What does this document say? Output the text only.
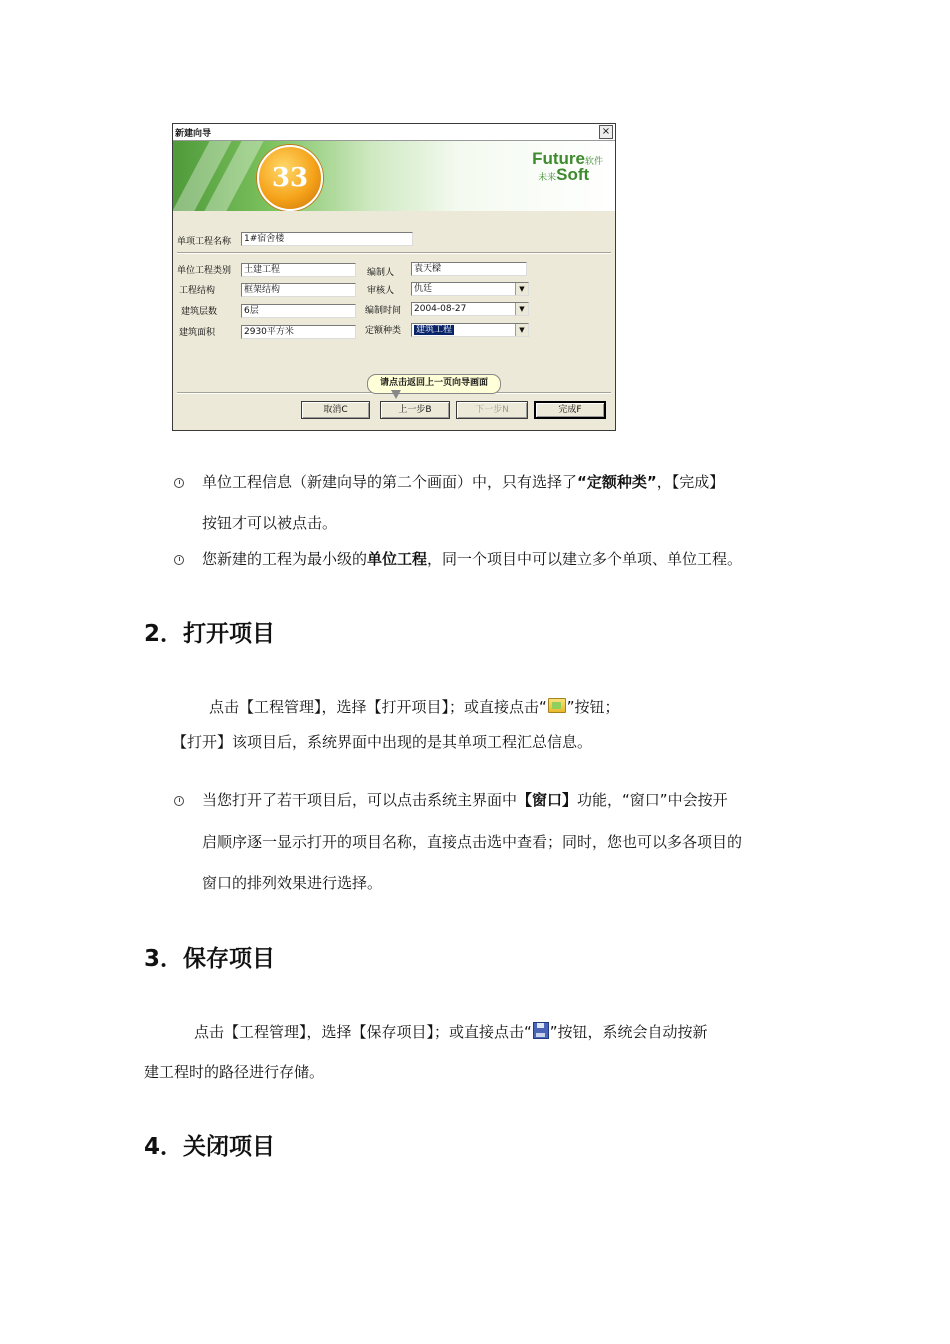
新建向导	×
33
Future软件
未来Soft
单项工程名称	1#宿舍楼
单位工程类别	土建工程
工程结构	框架结构
建筑层数	6层
建筑面积	2930平方米
编制人	袁天樑
审核人	仇廷	▼
编制时间	2004-08-27	▼
定额种类	建筑工程	▼
请点击返回上一页向导画面
取消C	上一步B	下一步N	完成F
单位工程信息（新建向导的第二个画面）中，只有选择了“定额种类”，【完成】
按钮才可以被点击。
您新建的工程为最小级的单位工程，同一个项目中可以建立多个单项、单位工程。
2．打开项目
点击【工程管理】，选择【打开项目】；或直接点击“ ”按钮；
【打开】该项目后，系统界面中出现的是其单项工程汇总信息。
当您打开了若干项目后，可以点击系统主界面中【窗口】功能，“窗口”中会按开
启顺序逐一显示打开的项目名称，直接点击选中查看；同时，您也可以多各项目的
窗口的排列效果进行选择。
3．保存项目
点击【工程管理】，选择【保存项目】；或直接点击“ ”按钮，系统会自动按新
建工程时的路径进行存储。
4．关闭项目
